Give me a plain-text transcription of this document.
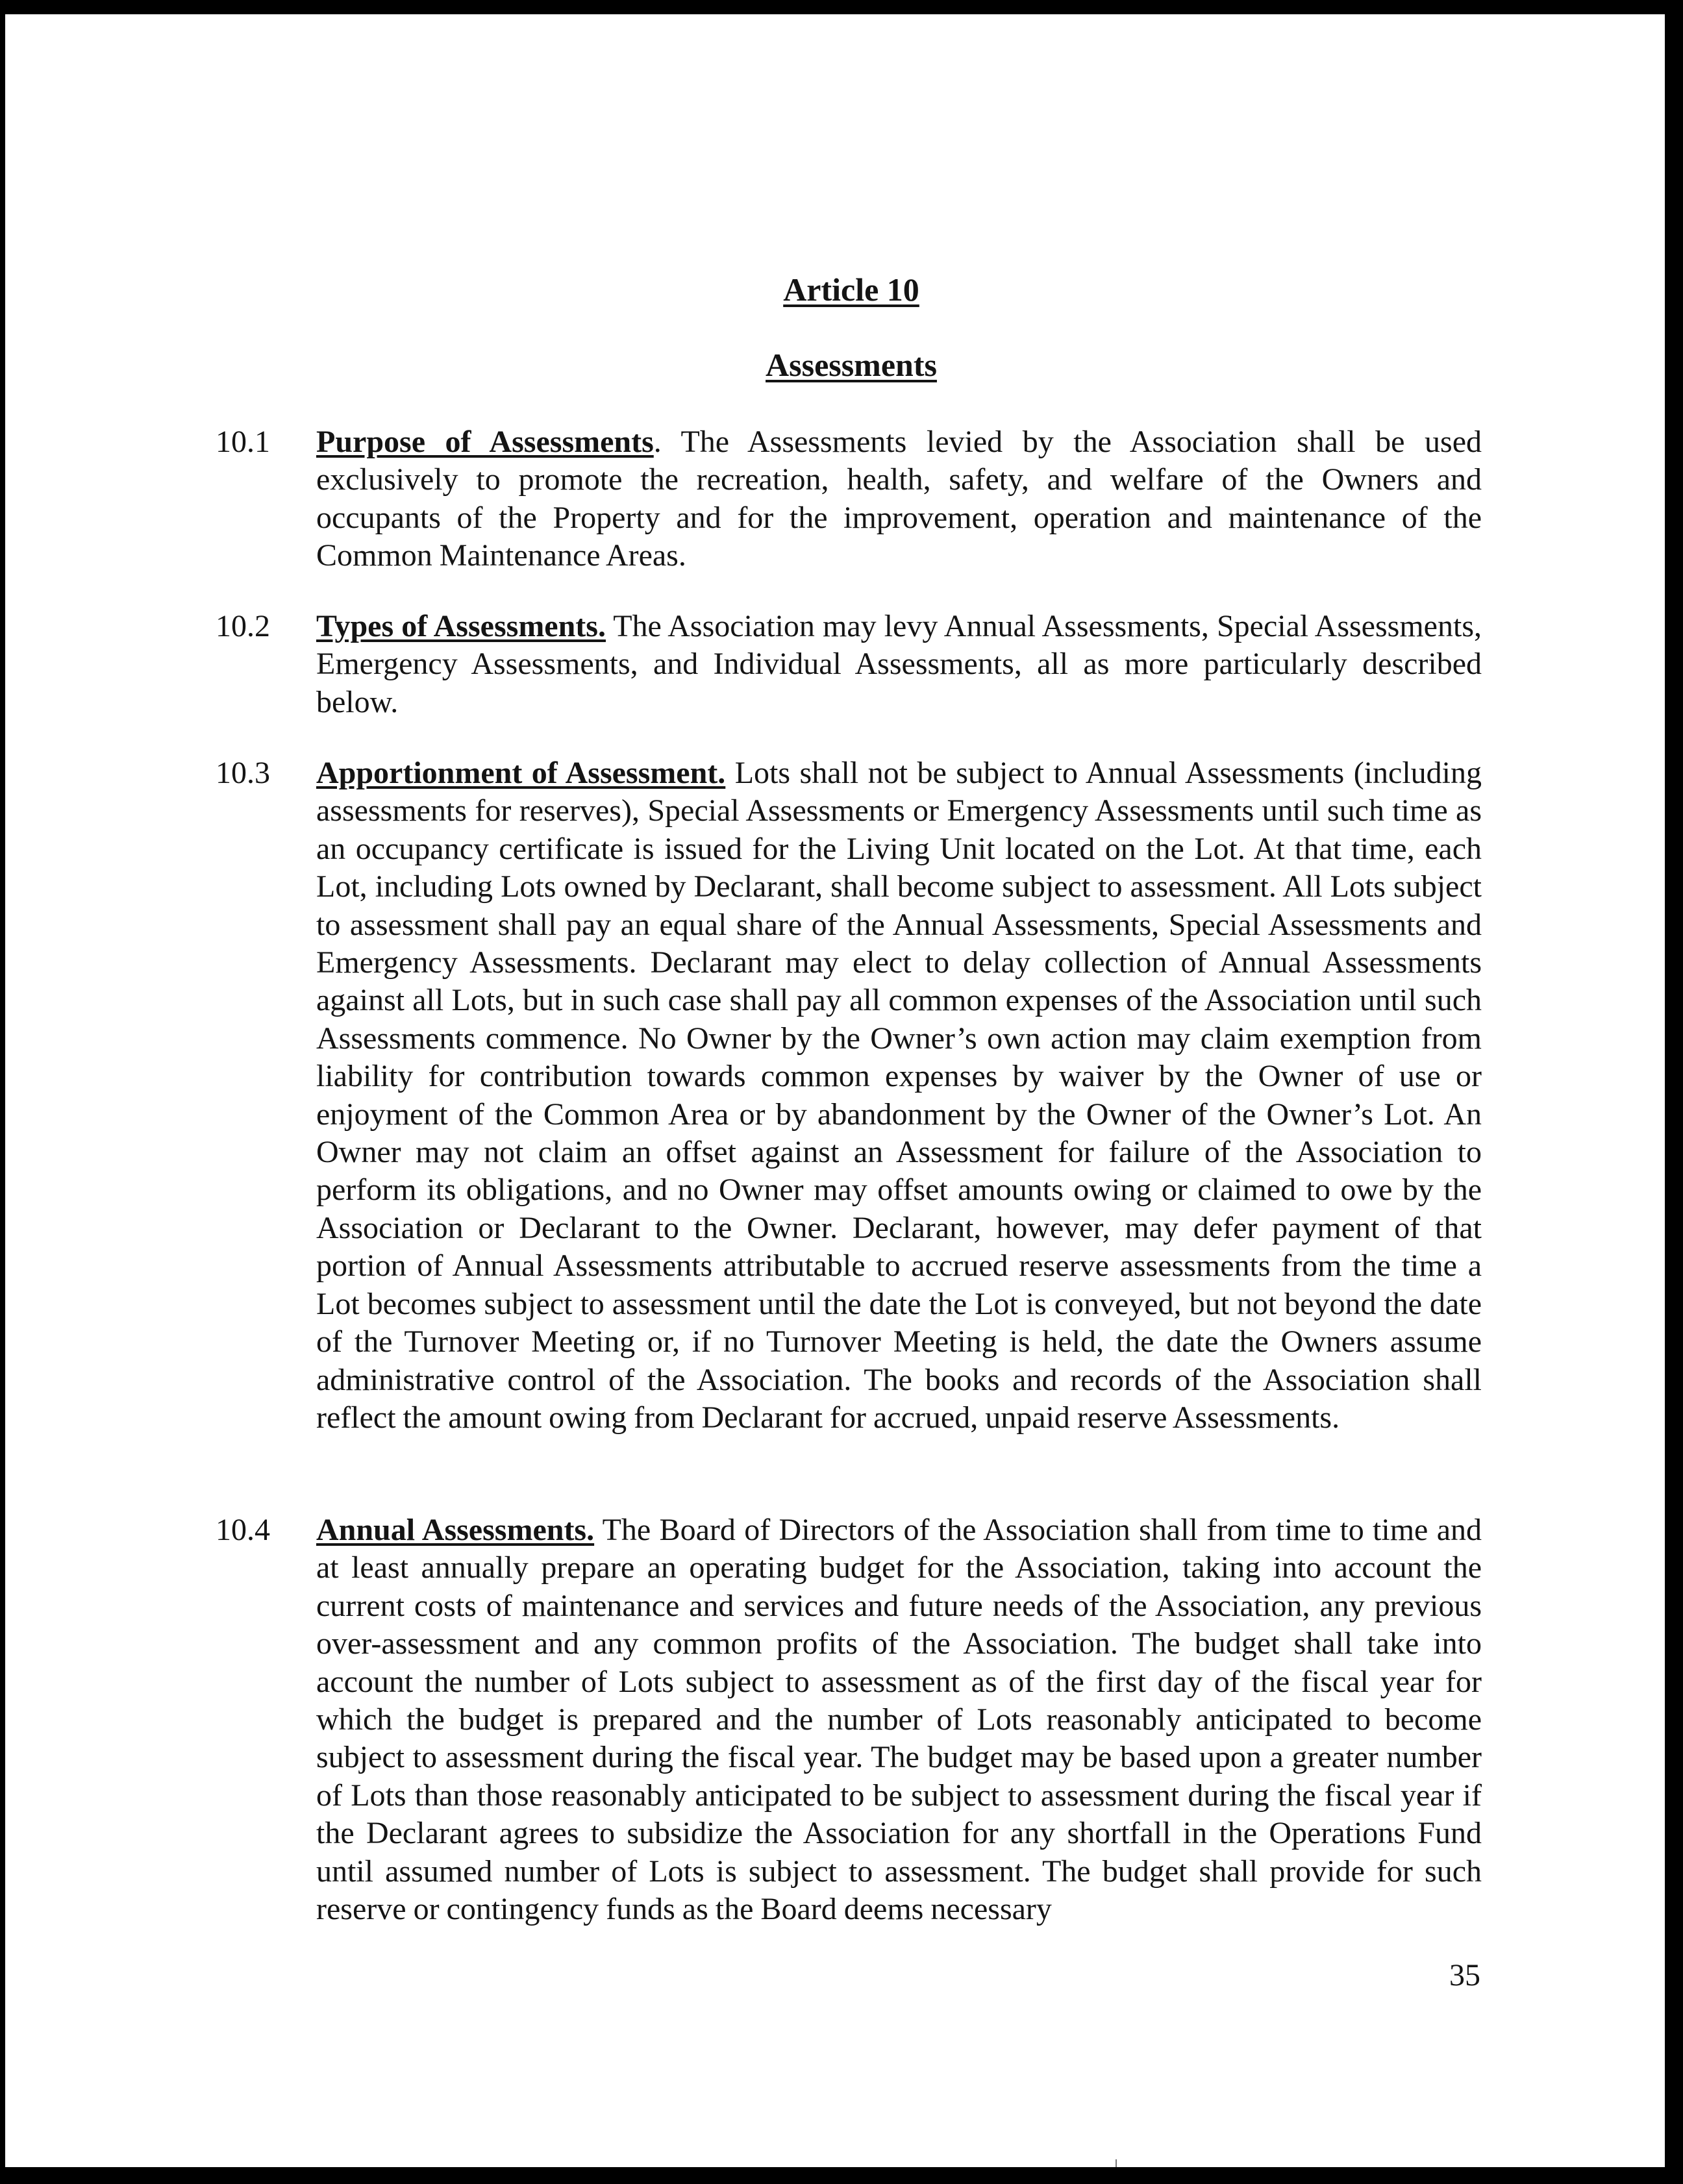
Article 10
Assessments
10.1 Purpose of Assessments. The Assessments levied by the Association shall be used exclusively to promote the recreation, health, safety, and welfare of the Owners and occupants of the Property and for the improvement, operation and maintenance of the Common Maintenance Areas.
10.2 Types of Assessments. The Association may levy Annual Assessments, Special Assessments, Emergency Assessments, and Individual Assessments, all as more particularly described below.
10.3 Apportionment of Assessment. Lots shall not be subject to Annual Assessments (including assessments for reserves), Special Assessments or Emergency Assessments until such time as an occupancy certificate is issued for the Living Unit located on the Lot. At that time, each Lot, including Lots owned by Declarant, shall become subject to assessment. All Lots subject to assessment shall pay an equal share of the Annual Assessments, Special Assessments and Emergency Assessments. Declarant may elect to delay collection of Annual Assessments against all Lots, but in such case shall pay all common expenses of the Association until such Assessments commence. No Owner by the Owner’s own action may claim exemption from liability for contribution towards common expenses by waiver by the Owner of use or enjoyment of the Common Area or by abandonment by the Owner of the Owner’s Lot. An Owner may not claim an offset against an Assessment for failure of the Association to perform its obligations, and no Owner may offset amounts owing or claimed to owe by the Association or Declarant to the Owner. Declarant, however, may defer payment of that portion of Annual Assessments attributable to accrued reserve assessments from the time a Lot becomes subject to assessment until the date the Lot is conveyed, but not beyond the date of the Turnover Meeting or, if no Turnover Meeting is held, the date the Owners assume administrative control of the Association. The books and records of the Association shall reflect the amount owing from Declarant for accrued, unpaid reserve Assessments.
10.4 Annual Assessments. The Board of Directors of the Association shall from time to time and at least annually prepare an operating budget for the Association, taking into account the current costs of maintenance and services and future needs of the Association, any previous over-assessment and any common profits of the Association. The budget shall take into account the number of Lots subject to assessment as of the first day of the fiscal year for which the budget is prepared and the number of Lots reasonably anticipated to become subject to assessment during the fiscal year. The budget may be based upon a greater number of Lots than those reasonably anticipated to be subject to assessment during the fiscal year if the Declarant agrees to subsidize the Association for any shortfall in the Operations Fund until assumed number of Lots is subject to assessment. The budget shall provide for such reserve or contingency funds as the Board deems necessary
35
